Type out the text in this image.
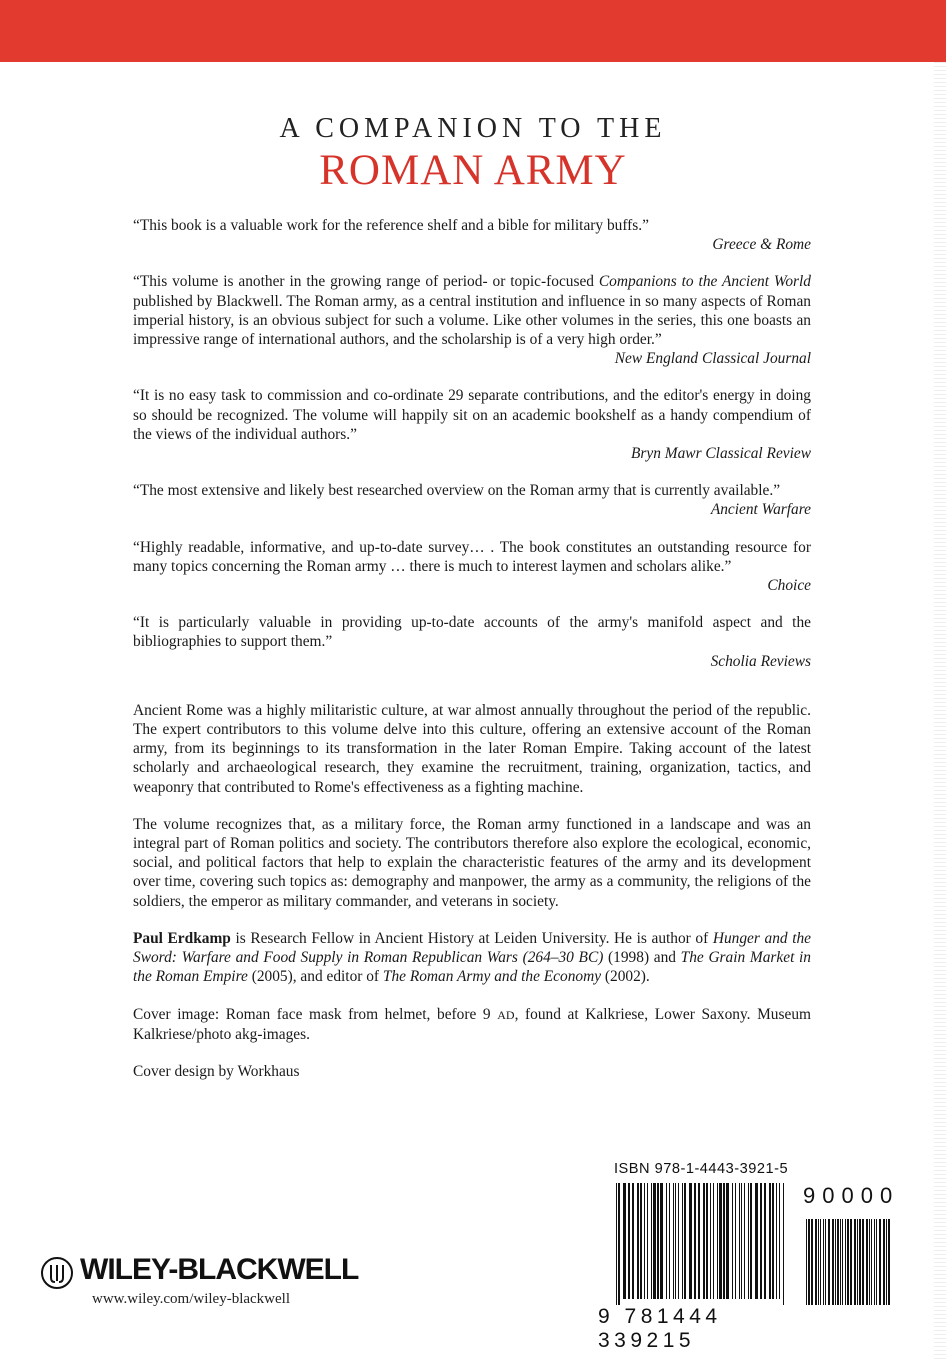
A COMPANION TO THE
ROMAN ARMY

“This book is a valuable work for the reference shelf and a bible for military buffs.”

Greece & Rome

“This volume is another in the growing range of period- or topic-focused Companions to the Ancient World published by Blackwell. The Roman army, as a central institution and influence in so many aspects of Roman imperial history, is an obvious subject for such a volume. Like other volumes in the series, this one boasts an impressive range of international authors, and the scholarship is of a very high order.”

New England Classical Journal

“It is no easy task to commission and co-ordinate 29 separate contributions, and the editor's energy in doing so should be recognized. The volume will happily sit on an academic bookshelf as a handy compendium of the views of the individual authors.”

Bryn Mawr Classical Review

“The most extensive and likely best researched overview on the Roman army that is currently available.”

Ancient Warfare

“Highly readable, informative, and up-to-date survey… . The book constitutes an outstanding resource for many topics concerning the Roman army … there is much to interest laymen and scholars alike.”

Choice

“It is particularly valuable in providing up-to-date accounts of the army's manifold aspect and the bibliographies to support them.”

Scholia Reviews

Ancient Rome was a highly militaristic culture, at war almost annually throughout the period of the republic. The expert contributors to this volume delve into this culture, offering an extensive account of the Roman army, from its beginnings to its transformation in the later Roman Empire. Taking account of the latest scholarly and archaeological research, they examine the recruitment, training, organization, tactics, and weaponry that contributed to Rome's effectiveness as a fighting machine.

The volume recognizes that, as a military force, the Roman army functioned in a landscape and was an integral part of Roman politics and society. The contributors therefore also explore the ecological, economic, social, and political factors that help to explain the characteristic features of the army and its development over time, covering such topics as: demography and manpower, the army as a community, the religions of the soldiers, the emperor as military commander, and veterans in society.

Paul Erdkamp is Research Fellow in Ancient History at Leiden University. He is author of Hunger and the Sword: Warfare and Food Supply in Roman Republican Wars (264–30 BC) (1998) and The Grain Market in the Roman Empire (2005), and editor of The Roman Army and the Economy (2002).

Cover image: Roman face mask from helmet, before 9 AD, found at Kalkriese, Lower Saxony. Museum Kalkriese/photo akg-images.

Cover design by Workhaus

ISBN 978-1-4443-3921-5
90000
9 781444 339215
WILEY-BLACKWELL
www.wiley.com/wiley-blackwell
